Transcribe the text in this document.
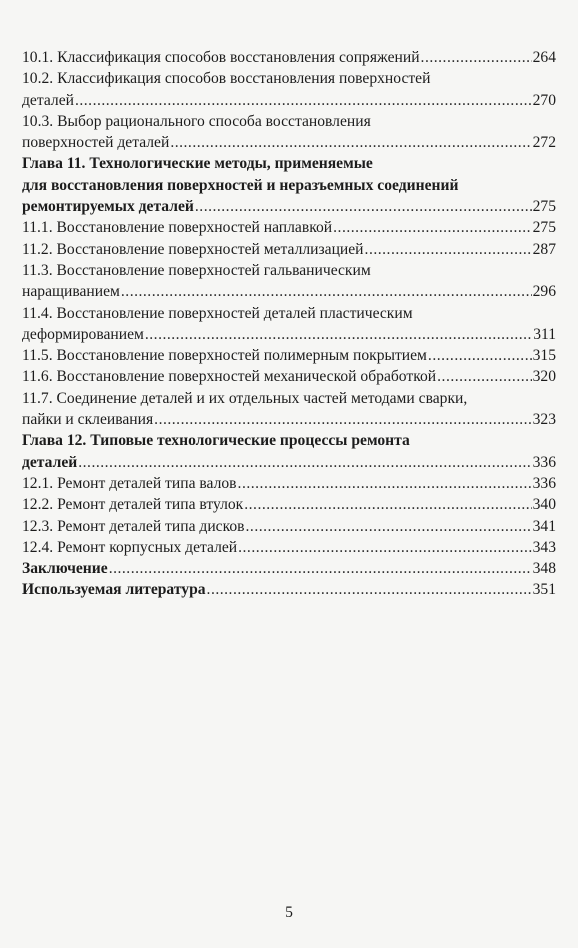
10.1. Классификация способов восстановления сопряжений .....	264
10.2. Классификация способов восстановления поверхностей
деталей .....	270
10.3. Выбор рационального способа восстановления
поверхностей деталей .....	272
Глава 11. Технологические методы, применяемые
для восстановления поверхностей и неразъемных соединений
ремонтируемых деталей .....	275
11.1. Восстановление поверхностей наплавкой .....	275
11.2. Восстановление поверхностей металлизацией .....	287
11.3. Восстановление поверхностей гальваническим
наращиванием .....	296
11.4. Восстановление поверхностей деталей пластическим
деформированием .....	311
11.5. Восстановление поверхностей полимерным покрытием .....	315
11.6. Восстановление поверхностей механической обработкой .....	320
11.7. Соединение деталей и их отдельных частей методами сварки,
пайки и склеивания .....	323
Глава 12. Типовые технологические процессы ремонта
деталей .....	336
12.1. Ремонт деталей типа валов .....	336
12.2. Ремонт деталей типа втулок .....	340
12.3. Ремонт деталей типа дисков .....	341
12.4. Ремонт корпусных деталей .....	343
Заключение .....	348
Используемая литература .....	351
5
